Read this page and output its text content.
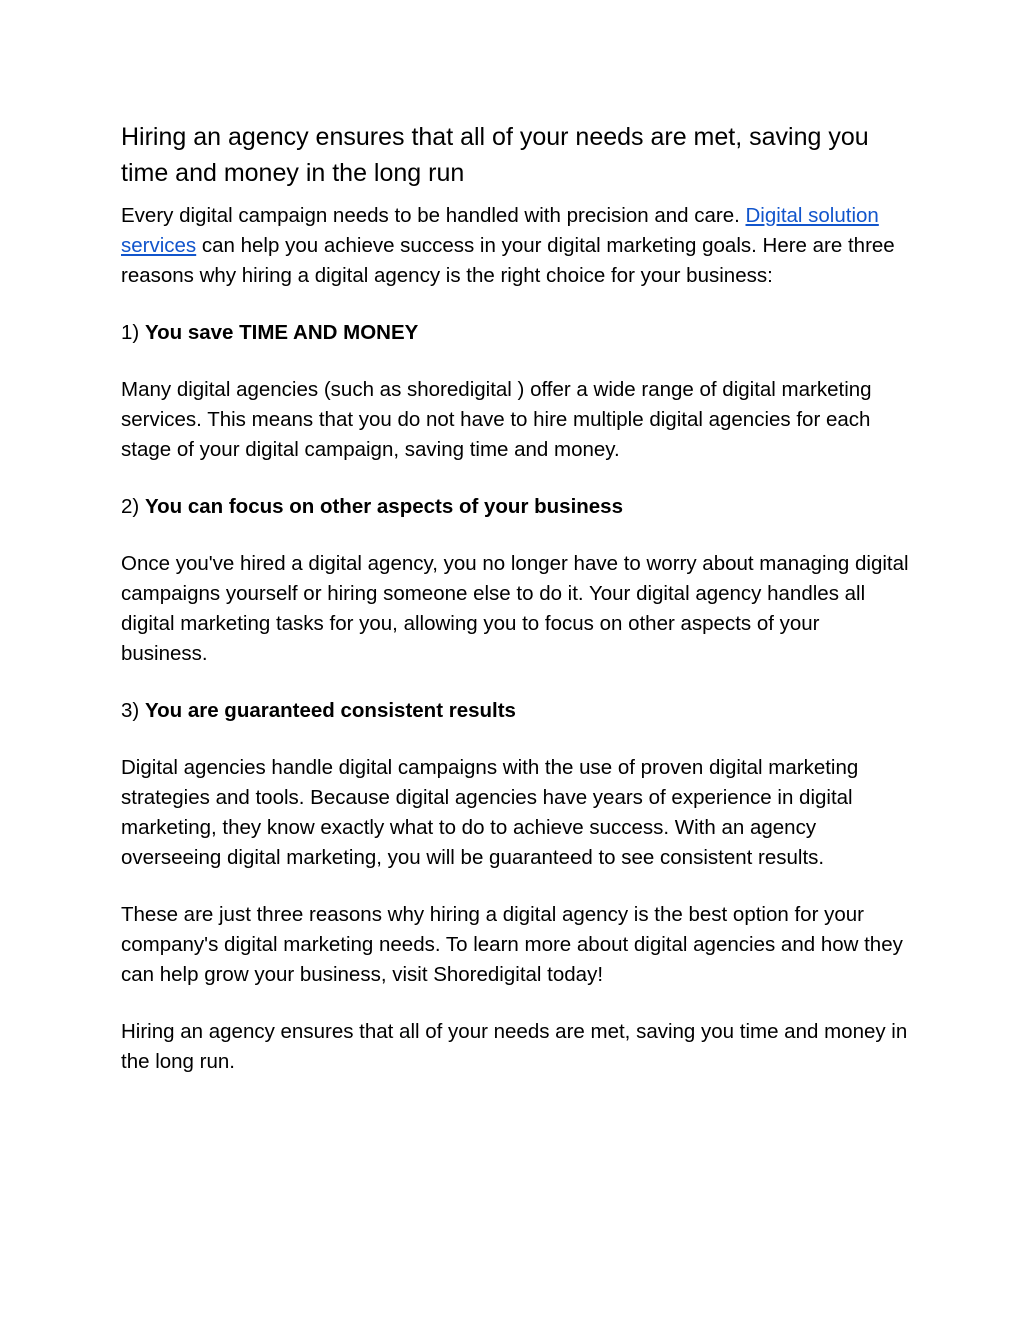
Hiring an agency ensures that all of your needs are met, saving you time and money in the long run

Every digital campaign needs to be handled with precision and care. Digital solution services can help you achieve success in your digital marketing goals. Here are three reasons why hiring a digital agency is the right choice for your business:

1) You save TIME AND MONEY

Many digital agencies (such as shoredigital ) offer a wide range of digital marketing services. This means that you do not have to hire multiple digital agencies for each stage of your digital campaign, saving time and money.

2) You can focus on other aspects of your business

Once you've hired a digital agency, you no longer have to worry about managing digital campaigns yourself or hiring someone else to do it. Your digital agency handles all digital marketing tasks for you, allowing you to focus on other aspects of your business.

3) You are guaranteed consistent results

Digital agencies handle digital campaigns with the use of proven digital marketing strategies and tools. Because digital agencies have years of experience in digital marketing, they know exactly what to do to achieve success. With an agency overseeing digital marketing, you will be guaranteed to see consistent results.

These are just three reasons why hiring a digital agency is the best option for your company's digital marketing needs. To learn more about digital agencies and how they can help grow your business, visit Shoredigital today!

Hiring an agency ensures that all of your needs are met, saving you time and money in the long run.
